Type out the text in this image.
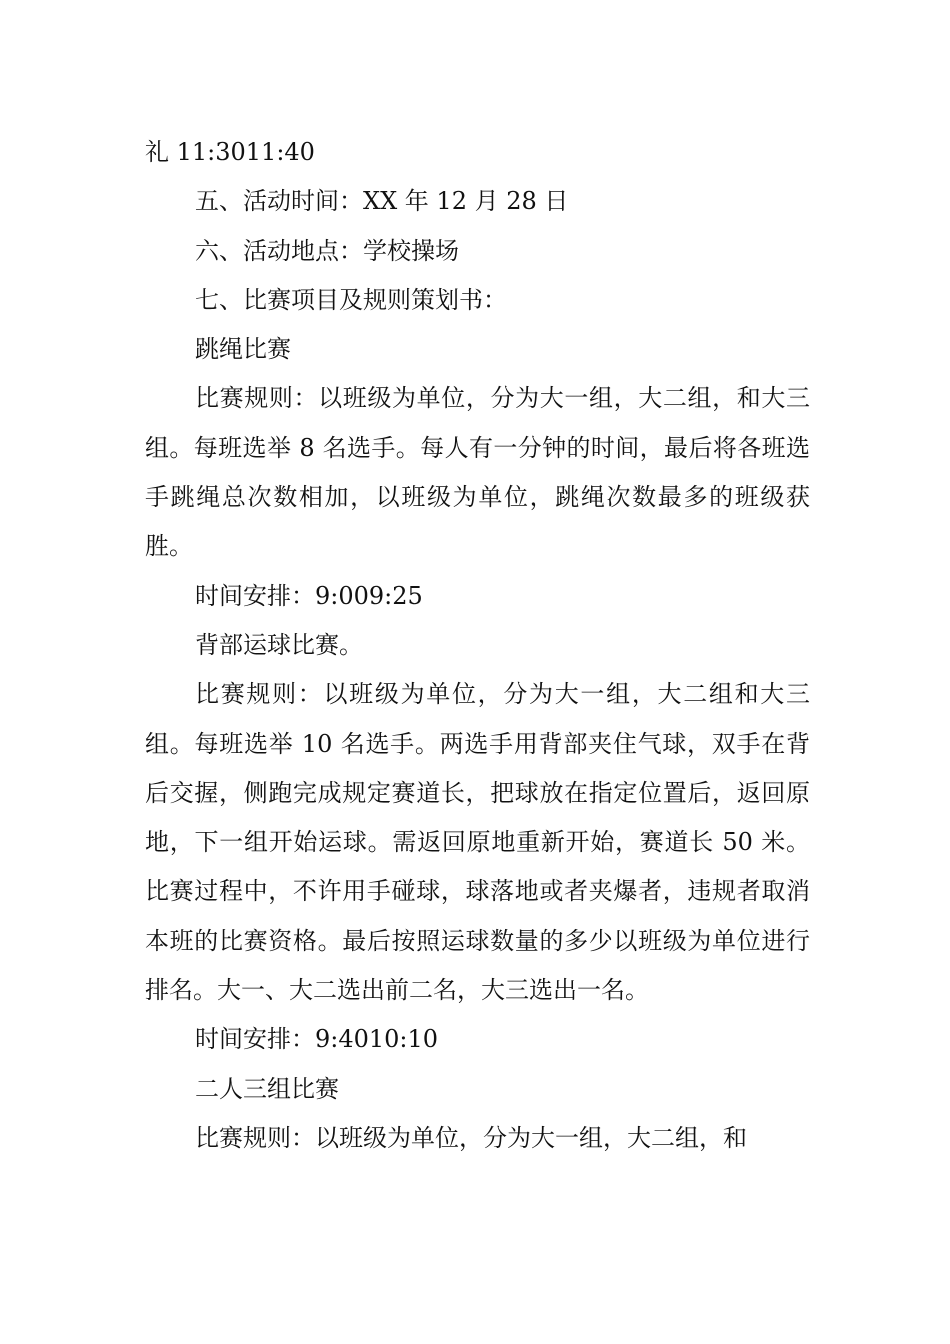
礼 11:3011:40

五、活动时间：XX 年 12 月 28 日

六、活动地点：学校操场

七、比赛项目及规则策划书：

跳绳比赛

比赛规则：以班级为单位，分为大一组，大二组，和大三组。每班选举 8 名选手。每人有一分钟的时间，最后将各班选手跳绳总次数相加，以班级为单位，跳绳次数最多的班级获胜。

时间安排：9:009:25

背部运球比赛。

比赛规则：以班级为单位，分为大一组，大二组和大三组。每班选举 10 名选手。两选手用背部夹住气球，双手在背后交握，侧跑完成规定赛道长，把球放在指定位置后，返回原地，下一组开始运球。需返回原地重新开始，赛道长 50 米。比赛过程中，不许用手碰球，球落地或者夹爆者，违规者取消本班的比赛资格。最后按照运球数量的多少以班级为单位进行排名。大一、大二选出前二名，大三选出一名。

时间安排：9:4010:10

二人三组比赛

比赛规则：以班级为单位，分为大一组，大二组，和
